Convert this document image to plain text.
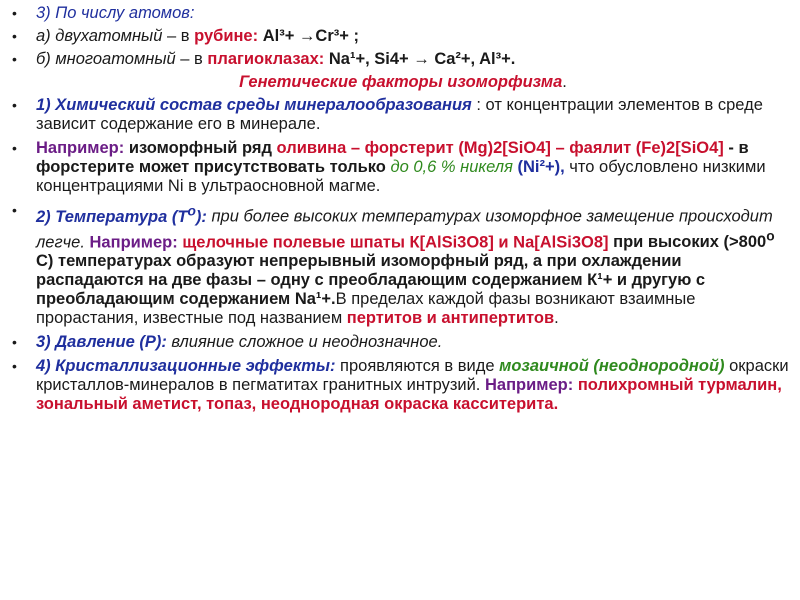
• 3) По числу атомов:

• а) двухатомный – в рубине: Al³+ →Cr³+ ;

• б) многоатомный – в плагиоклазах: Na¹+, Si4+ → Ca²+, Al³+.

Генетические факторы изоморфизма.

• 1) Химический состав среды минералообразования : от концентрации элементов в среде зависит содержание его в минерале.

• Например: изоморфный ряд оливина – форстерит (Mg)2[SiO4] – фаялит (Fe)2[SiO4] - в форстерите может присутствовать только до 0,6 % никеля (Ni²+), что обусловлено низкими концентрациями Ni в ультраосновной магме.

• 2) Температура $(Т^о)$: при более высоких температурах изоморфное замещение происходит легче. Например: щелочные полевые шпаты К[AlSi3O8] и Na[AlSi3O8] при высоких ($>800^о$ С) температурах образуют непрерывный изоморфный ряд, а при охлаждении распадаются на две фазы – одну с преобладающим содержанием К¹+ и другую с преобладающим содержанием Na¹+.В пределах каждой фазы возникают взаимные прорастания, известные под названием пертитов и антипертитов.

• 3) Давление (Р): влияние сложное и неоднозначное.

• 4) Кристаллизационные эффекты: проявляются в виде мозаичной (неоднородной) окраски кристаллов-минералов в пегматитах гранитных интрузий. Например: полихромный турмалин, зональный аметист, топаз, неоднородная окраска касситерита.
